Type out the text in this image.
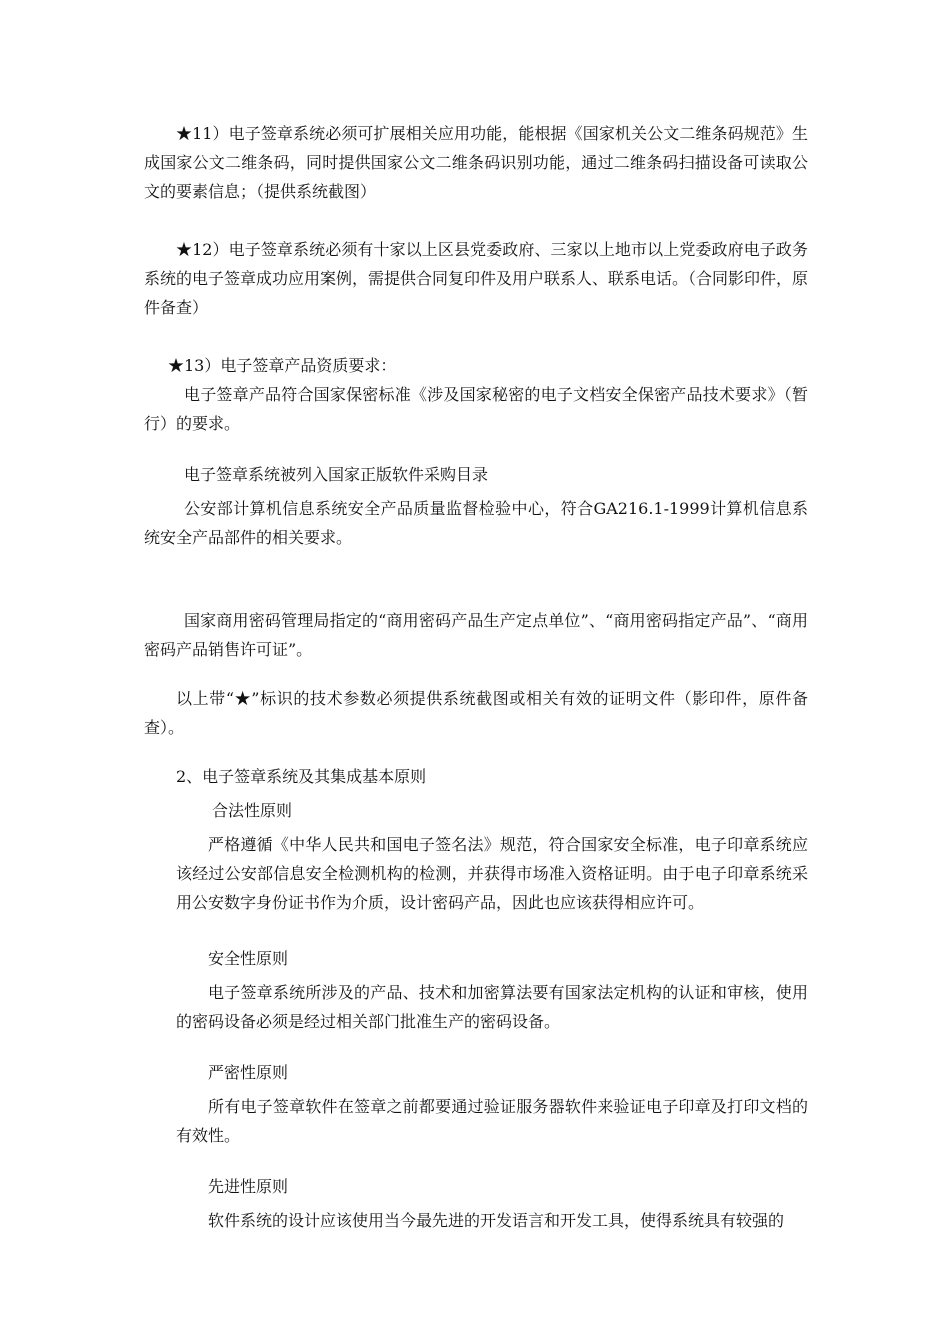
★11）电子签章系统必须可扩展相关应用功能，能根据《国家机关公文二维条码规范》生成国家公文二维条码，同时提供国家公文二维条码识别功能，通过二维条码扫描设备可读取公文的要素信息；（提供系统截图）

★12）电子签章系统必须有十家以上区县党委政府、三家以上地市以上党委政府电子政务系统的电子签章成功应用案例，需提供合同复印件及用户联系人、联系电话。（合同影印件，原件备查）

★13）电子签章产品资质要求：

电子签章产品符合国家保密标准《涉及国家秘密的电子文档安全保密产品技术要求》（暂行）的要求。

电子签章系统被列入国家正版软件采购目录

公安部计算机信息系统安全产品质量监督检验中心，符合GA216.1-1999计算机信息系统安全产品部件的相关要求。

国家商用密码管理局指定的“商用密码产品生产定点单位”、“商用密码指定产品”、“商用密码产品销售许可证”。

以上带“★”标识的技术参数必须提供系统截图或相关有效的证明文件（影印件，原件备查）。

2、电子签章系统及其集成基本原则

合法性原则

严格遵循《中华人民共和国电子签名法》规范，符合国家安全标准，电子印章系统应该经过公安部信息安全检测机构的检测，并获得市场准入资格证明。由于电子印章系统采用公安数字身份证书作为介质，设计密码产品，因此也应该获得相应许可。

安全性原则

电子签章系统所涉及的产品、技术和加密算法要有国家法定机构的认证和审核，使用的密码设备必须是经过相关部门批准生产的密码设备。

严密性原则

所有电子签章软件在签章之前都要通过验证服务器软件来验证电子印章及打印文档的有效性。

先进性原则

软件系统的设计应该使用当今最先进的开发语言和开发工具，使得系统具有较强的
